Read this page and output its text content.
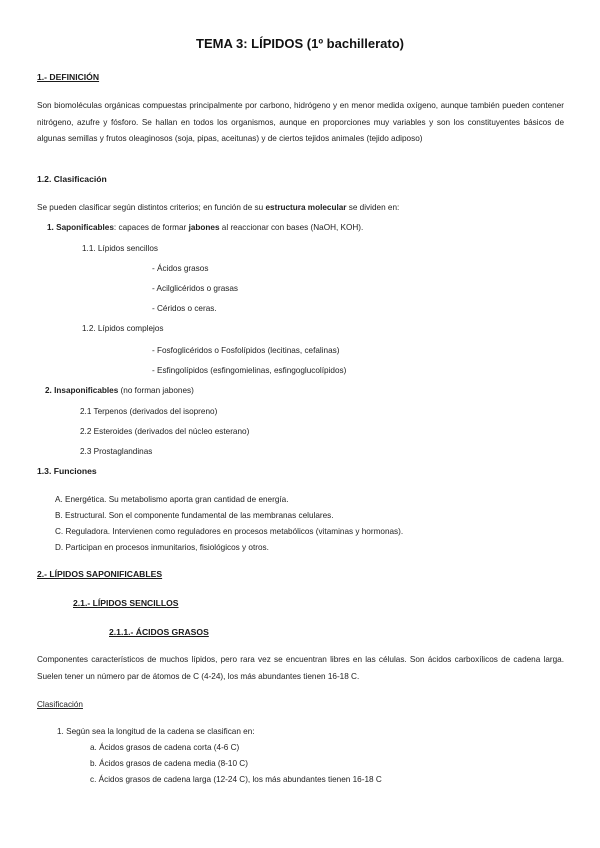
TEMA 3: LÍPIDOS (1º bachillerato)
1.- DEFINICIÓN
Son biomoléculas orgánicas compuestas principalmente por carbono, hidrógeno y en menor medida oxígeno, aunque también pueden contener nitrógeno, azufre y fósforo. Se hallan en todos los organismos, aunque en proporciones muy variables y son los constituyentes básicos de algunas semillas y frutos oleaginosos (soja, pipas, aceitunas) y de ciertos tejidos animales (tejido adiposo)
1.2. Clasificación
Se pueden clasificar según distintos criterios; en función de su estructura molecular se dividen en:
1. Saponificables: capaces de formar jabones al reaccionar con bases (NaOH, KOH).
1.1. Lípidos sencillos
- Ácidos grasos
- Acilglicéridos o grasas
- Céridos o ceras.
1.2. Lípidos complejos
- Fosfoglicéridos o Fosfolípidos (lecitinas, cefalinas)
- Esfingolípidos (esfingomielinas, esfingoglucolípidos)
2. Insaponificables (no forman jabones)
2.1 Terpenos (derivados del isopreno)
2.2 Esteroides (derivados del núcleo esterano)
2.3 Prostaglandinas
1.3. Funciones
A. Energética. Su metabolismo aporta gran cantidad de energía.
B. Estructural. Son el componente fundamental de las membranas celulares.
C. Reguladora. Intervienen como reguladores en procesos metabólicos (vitaminas y hormonas).
D. Participan en procesos inmunitarios, fisiológicos y otros.
2.- LÍPIDOS SAPONIFICABLES
2.1.- LÍPIDOS SENCILLOS
2.1.1.- ÁCIDOS GRASOS
Componentes característicos de muchos lípidos, pero rara vez se encuentran libres en las células. Son ácidos carboxílicos de cadena larga. Suelen tener un número par de átomos de C (4-24), los más abundantes tienen 16-18 C.
Clasificación
1. Según sea la longitud de la cadena se clasifican en:
a. Ácidos grasos de cadena corta (4-6 C)
b. Ácidos grasos de cadena media (8-10 C)
c. Ácidos grasos de cadena larga (12-24 C), los más abundantes tienen 16-18 C
